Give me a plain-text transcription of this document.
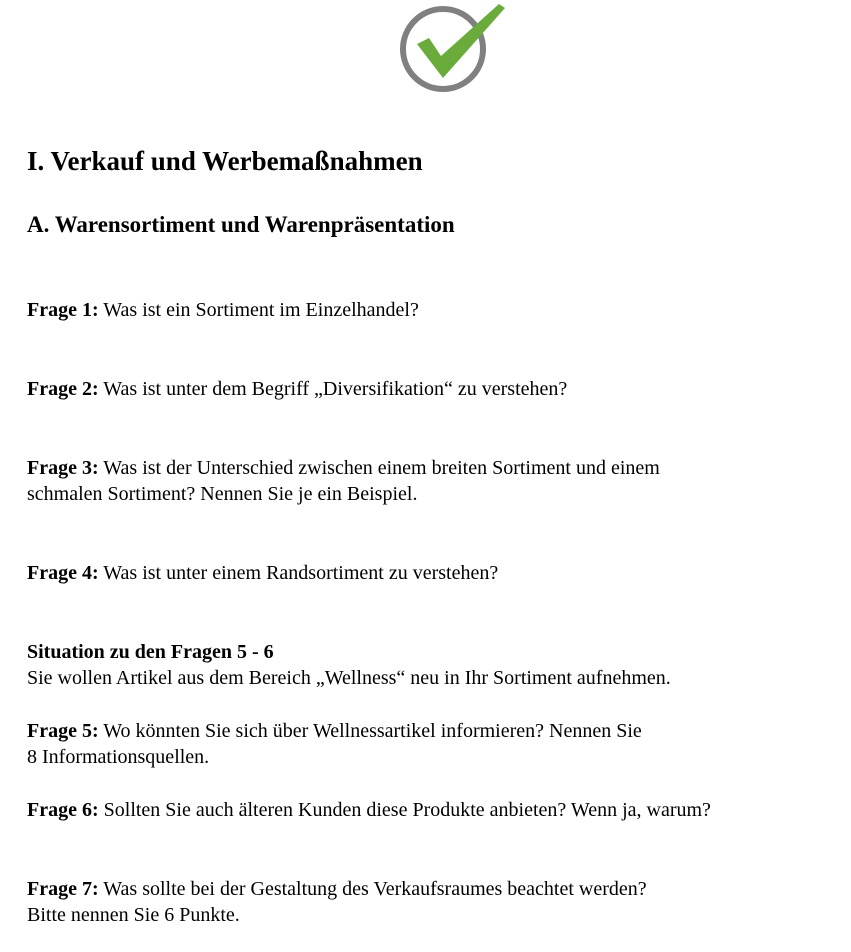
I. Verkauf und Werbemaßnahmen
A. Warensortiment und Warenpräsentation
Frage 1: Was ist ein Sortiment im Einzelhandel?
Frage 2: Was ist unter dem Begriff „Diversifikation“ zu verstehen?
Frage 3: Was ist der Unterschied zwischen einem breiten Sortiment und einem
schmalen Sortiment? Nennen Sie je ein Beispiel.
Frage 4: Was ist unter einem Randsortiment zu verstehen?
Situation zu den Fragen 5 - 6
Sie wollen Artikel aus dem Bereich „Wellness“ neu in Ihr Sortiment aufnehmen.
Frage 5: Wo könnten Sie sich über Wellnessartikel informieren? Nennen Sie
8 Informationsquellen.
Frage 6: Sollten Sie auch älteren Kunden diese Produkte anbieten? Wenn ja, warum?
Frage 7: Was sollte bei der Gestaltung des Verkaufsraumes beachtet werden?
Bitte nennen Sie 6 Punkte.
